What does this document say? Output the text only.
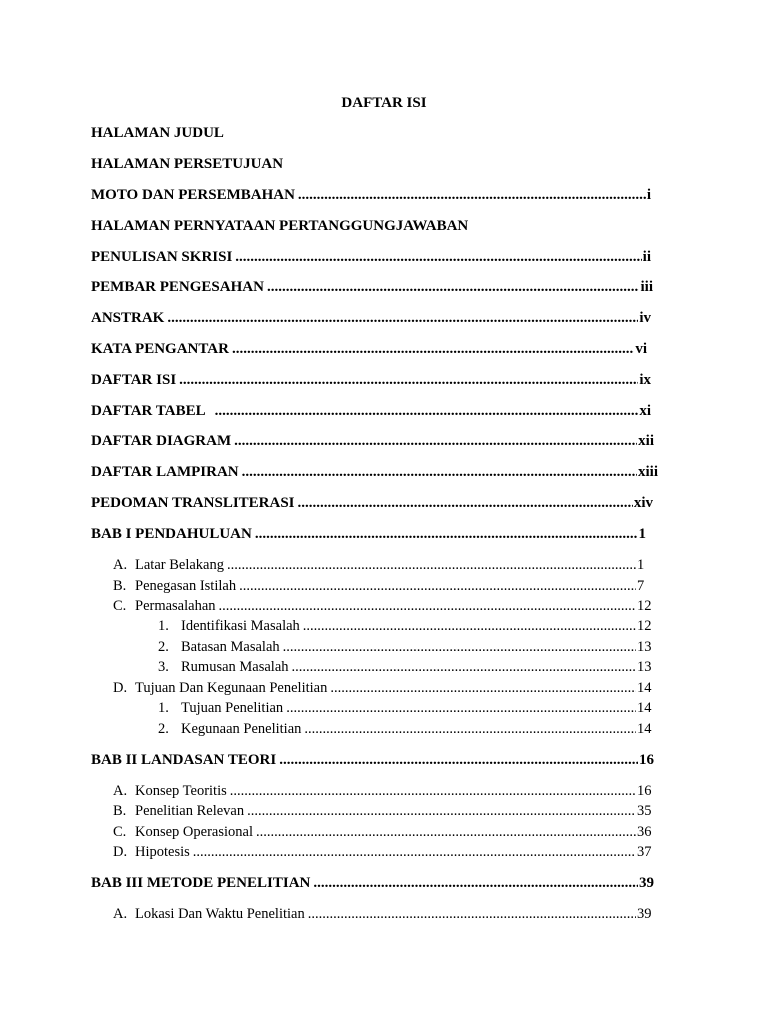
DAFTAR ISI
HALAMAN JUDUL
HALAMAN PERSETUJUAN
MOTO DAN PERSEMBAHAN .....	i
HALAMAN PERNYATAAN PERTANGGUNGJAWABAN
PENULISAN SKRISI .....	ii
PEMBAR PENGESAHAN .....	iii
ANSTRAK .....	iv
KATA PENGANTAR .....	vi
DAFTAR ISI .....	ix
DAFTAR TABEL .....	xi
DAFTAR DIAGRAM .....	xii
DAFTAR LAMPIRAN .....	xiii
PEDOMAN TRANSLITERASI .....	xiv
BAB I PENDAHULUAN .....	1
A. Latar Belakang .....	1
B. Penegasan Istilah .....	7
C. Permasalahan .....	12
1. Identifikasi Masalah .....	12
2. Batasan Masalah .....	13
3. Rumusan Masalah .....	13
D. Tujuan Dan Kegunaan Penelitian .....	14
1. Tujuan Penelitian .....	14
2. Kegunaan Penelitian .....	14
BAB II LANDASAN TEORI .....	16
A. Konsep Teoritis .....	16
B. Penelitian Relevan .....	35
C. Konsep Operasional .....	36
D. Hipotesis .....	37
BAB III METODE PENELITIAN .....	39
A. Lokasi Dan Waktu Penelitian .....	39
